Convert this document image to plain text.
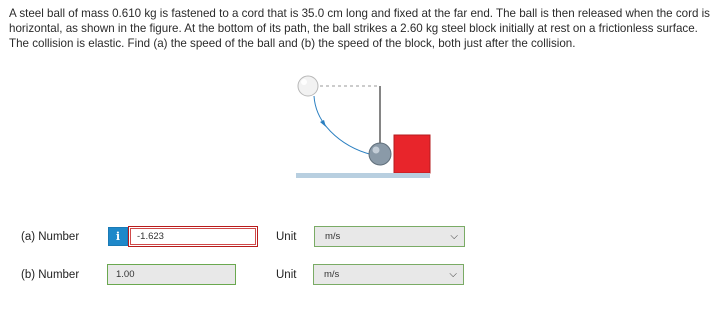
A steel ball of mass 0.610 kg is fastened to a cord that is 35.0 cm long and fixed at the far end. The ball is then released when the cord is horizontal, as shown in the figure. At the bottom of its path, the ball strikes a 2.60 kg steel block initially at rest on a frictionless surface. The collision is elastic. Find (a) the speed of the ball and (b) the speed of the block, both just after the collision.
(a) Number	i	-1.623	Unit	m/s	⌵
(b) Number	1.00	Unit	m/s	⌵
